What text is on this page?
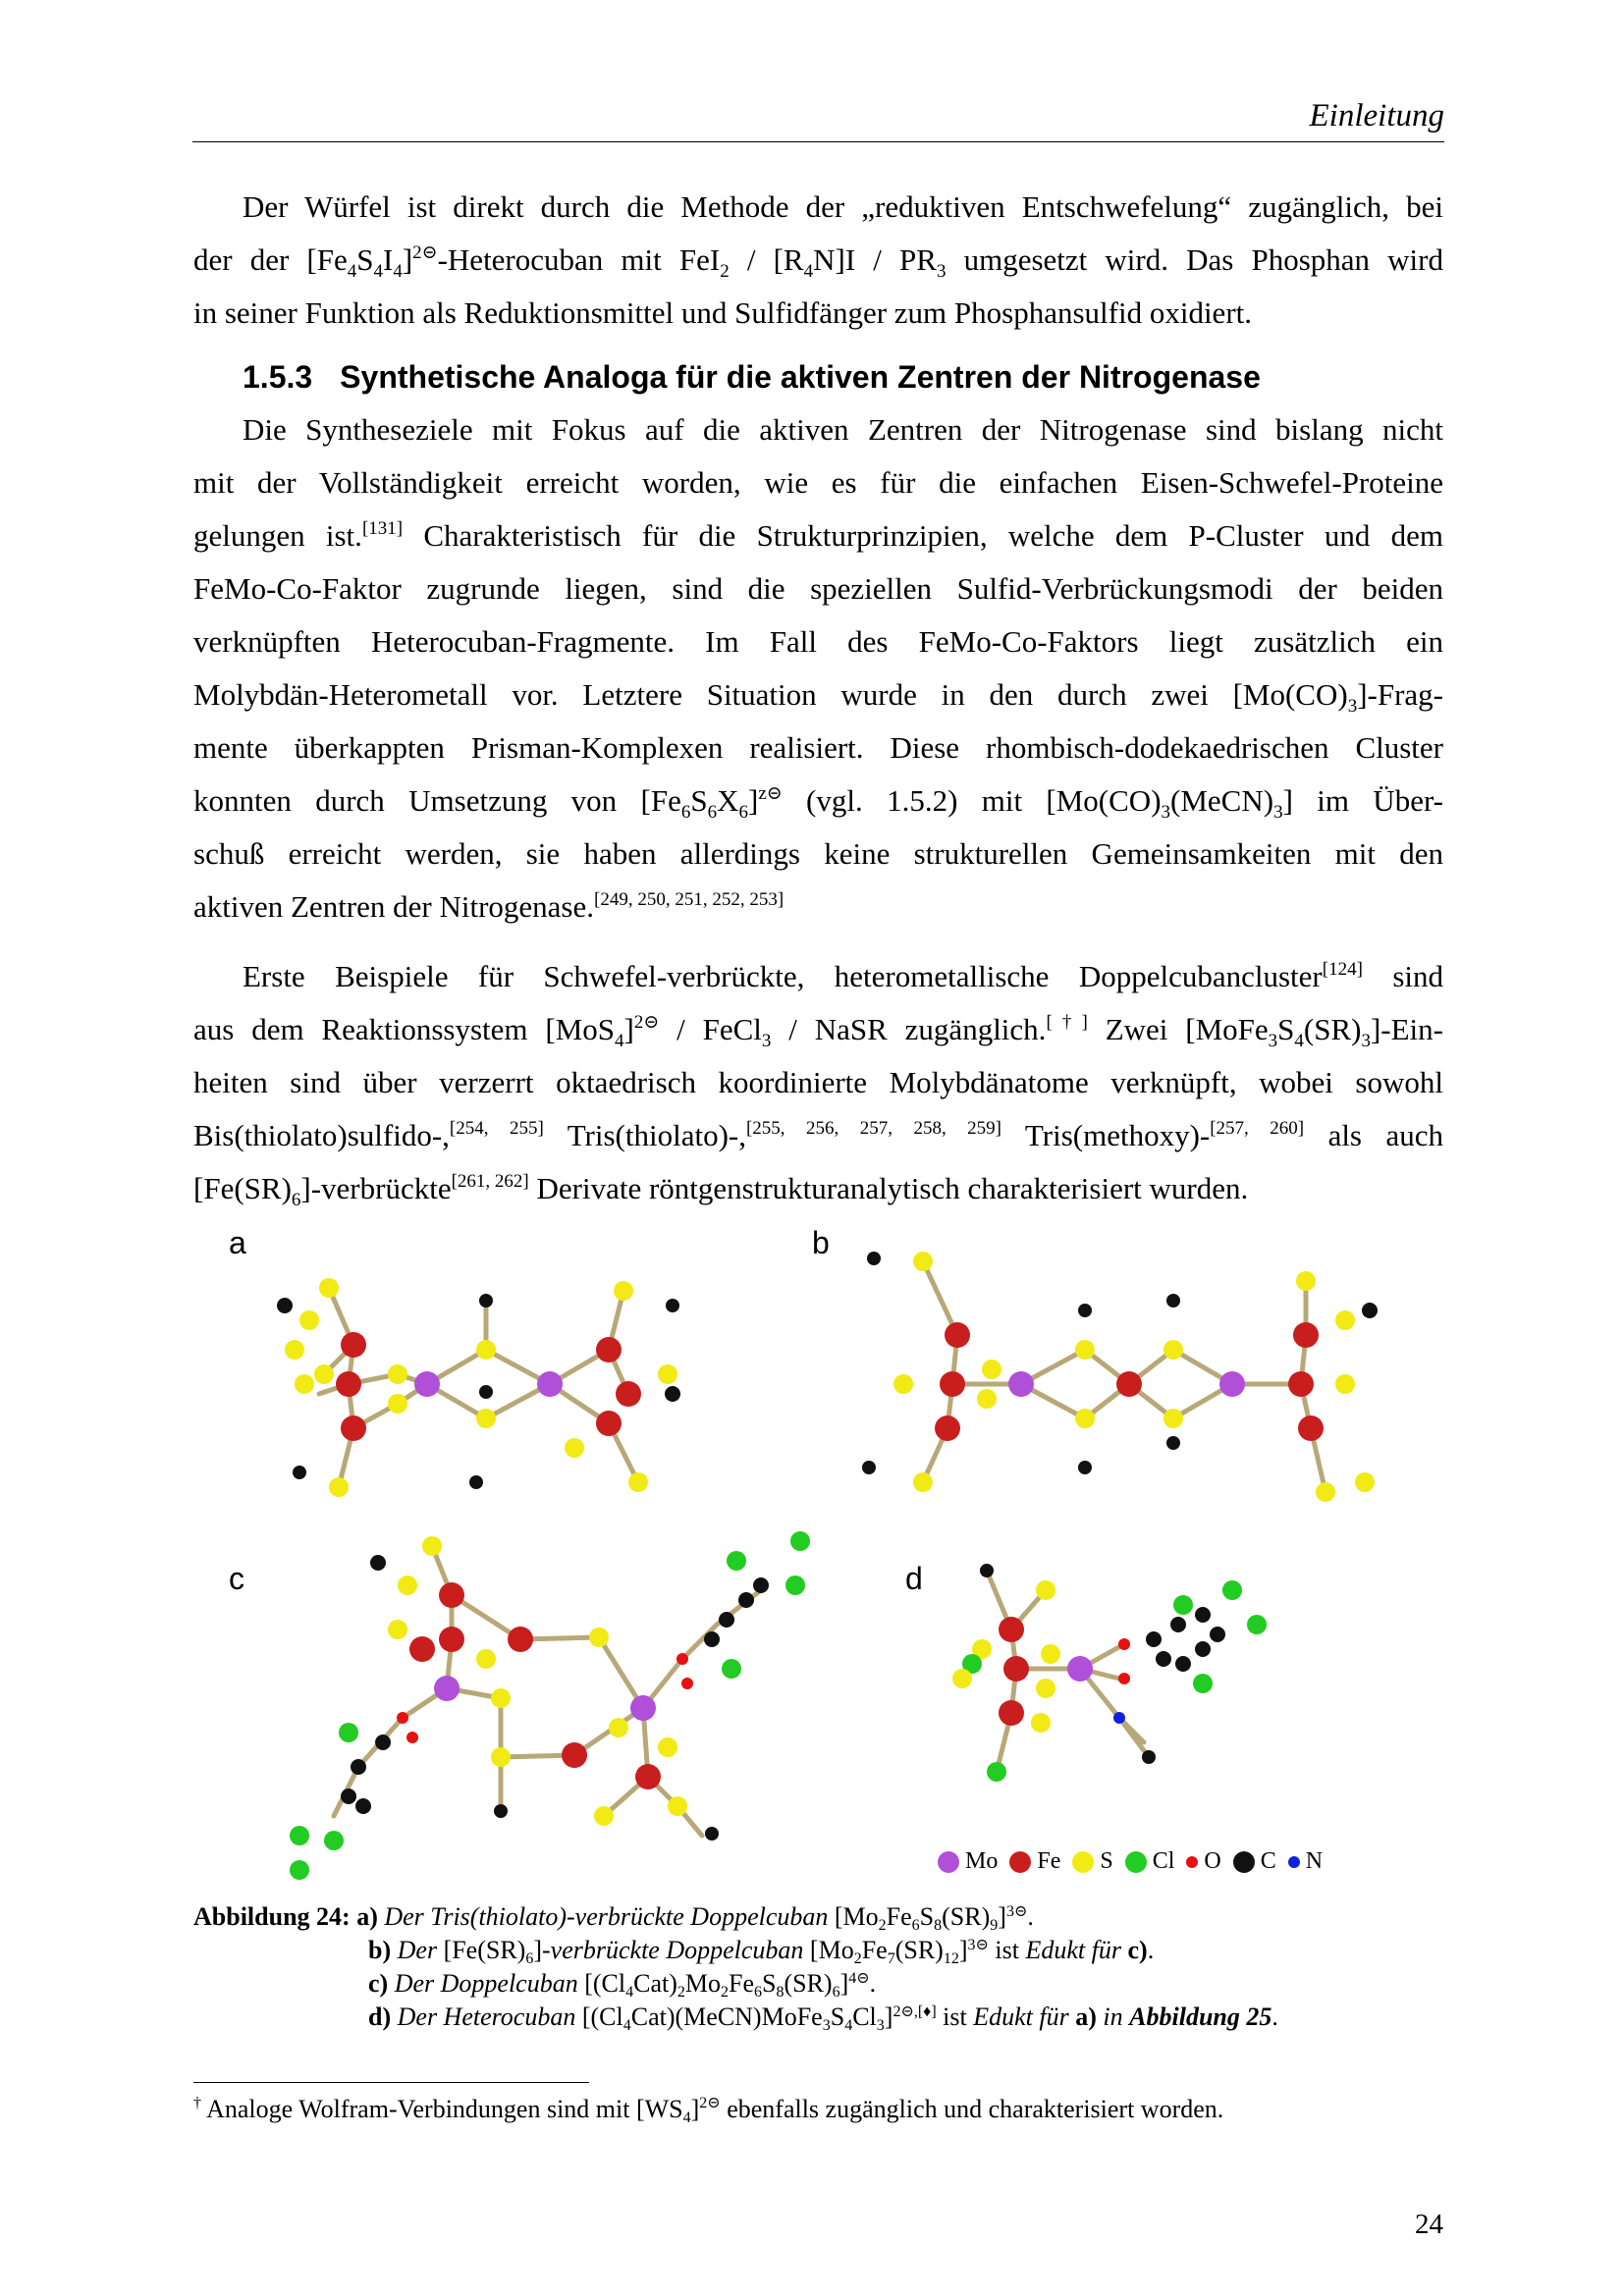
Einleitung
Der Würfel ist direkt durch die Methode der „reduktiven Entschwefelung“ zugänglich, bei
der der $[Fe_4S_4I_4]^{2⊝}$-Heterocuban mit $FeI_2 / [R_4N]I / PR_3$ umgesetzt wird. Das Phosphan wird
in seiner Funktion als Reduktionsmittel und Sulfidfänger zum Phosphansulfid oxidiert.
1.5.3 Synthetische Analoga für die aktiven Zentren der Nitrogenase
Die Syntheseziele mit Fokus auf die aktiven Zentren der Nitrogenase sind bislang nicht
mit der Vollständigkeit erreicht worden, wie es für die einfachen Eisen-Schwefel-Proteine
gelungen ist.[131] Charakteristisch für die Strukturprinzipien, welche dem P-Cluster und dem
FeMo-Co-Faktor zugrunde liegen, sind die speziellen Sulfid-Verbrückungsmodi der beiden
verknüpften Heterocuban-Fragmente. Im Fall des FeMo-Co-Faktors liegt zusätzlich ein
Molybdän-Heterometall vor. Letztere Situation wurde in den durch zwei $[Mo(CO)_3]-Frag-$
mente überkappten Prisman-Komplexen realisiert. Diese rhombisch-dodekaedrischen Cluster
konnten durch Umsetzung von $[Fe_6S_6X_6]^{z⊝}$ (vgl. 1.5.2) mit $[Mo(CO)_3(MeCN)_3]$ im Über-
schuß erreicht werden, sie haben allerdings keine strukturellen Gemeinsamkeiten mit den
aktiven Zentren der Nitrogenase.[249, 250, 251, 252, 253]
Erste Beispiele für Schwefel-verbrückte, heterometallische Doppelcubancluster[124] sind
aus dem Reaktionssystem $[MoS_4]^{2⊝}$ / FeCl$_3$ / NaSR zugänglich.[†] Zwei $[MoFe_3S_4(SR)_3]-Ein-$
heiten sind über verzerrt oktaedrisch koordinierte Molybdänatome verknüpft, wobei sowohl
Bis(thiolato)sulfido-,[254, 255] Tris(thiolato)-,[255, 256, 257, 258, 259] Tris(methoxy)-[257, 260] als auch
$[Fe(SR)_6]-verbrückte[261, 262]$ Derivate röntgenstrukturanalytisch charakterisiert wurden.
a	b
c	d
Mo Fe S Cl O C N
Abbildung 24: a) Der Tris(thiolato)-verbrückte Doppelcuban $[Mo_2Fe_6S_8(SR)_9]^{3⊝}$.
b) Der $[Fe(SR)_6]$-verbrückte Doppelcuban $[Mo_2Fe_7(SR)_{12}]^{3⊝}$ ist Edukt für c).
c) Der Doppelcuban $[(Cl_4Cat)_2Mo_2Fe_6S_8(SR)_6]^{4⊝}$.
d) Der Heterocuban $[(Cl_4Cat)(MeCN)MoFe_3S_4Cl_3]^{2⊝,[♦]}$ ist Edukt für a) in Abbildung 25.
† Analoge Wolfram-Verbindungen sind mit $[WS_4]^{2⊝}$ ebenfalls zugänglich und charakterisiert worden.
24
